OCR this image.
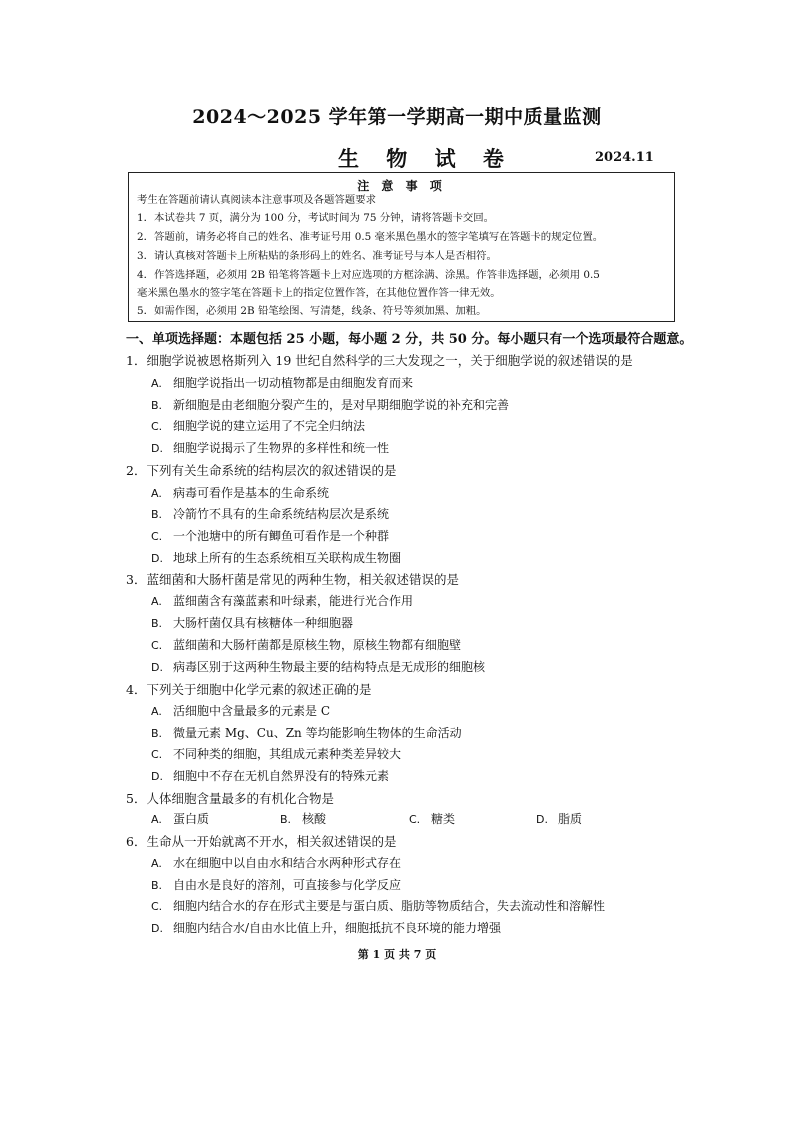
2024～2025 学年第一学期高一期中质量监测
生 物 试 卷	2024.11
注 意 事 项
考生在答题前请认真阅读本注意事项及各题答题要求
1．本试卷共 7 页，满分为 100 分，考试时间为 75 分钟，请将答题卡交回。
2．答题前，请务必将自己的姓名、准考证号用 0.5 毫米黑色墨水的签字笔填写在答题卡的规定位置。
3．请认真核对答题卡上所粘贴的条形码上的姓名、准考证号与本人是否相符。
4．作答选择题，必须用 2B 铅笔将答题卡上对应选项的方框涂满、涂黑。作答非选择题，必须用 0.5
毫米黑色墨水的签字笔在答题卡上的指定位置作答，在其他位置作答一律无效。
5．如需作图，必须用 2B 铅笔绘图、写清楚，线条、符号等须加黑、加粗。
一、单项选择题：本题包括 25 小题，每小题 2 分，共 50 分。每小题只有一个选项最符合题意。
1．细胞学说被恩格斯列入 19 世纪自然科学的三大发现之一，关于细胞学说的叙述错误的是
A. 细胞学说指出一切动植物都是由细胞发育而来
B. 新细胞是由老细胞分裂产生的，是对早期细胞学说的补充和完善
C. 细胞学说的建立运用了不完全归纳法
D. 细胞学说揭示了生物界的多样性和统一性
2．下列有关生命系统的结构层次的叙述错误的是
A. 病毒可看作是基本的生命系统
B. 冷箭竹不具有的生命系统结构层次是系统
C. 一个池塘中的所有鲫鱼可看作是一个种群
D. 地球上所有的生态系统相互关联构成生物圈
3．蓝细菌和大肠杆菌是常见的两种生物，相关叙述错误的是
A. 蓝细菌含有藻蓝素和叶绿素，能进行光合作用
B. 大肠杆菌仅具有核糖体一种细胞器
C. 蓝细菌和大肠杆菌都是原核生物，原核生物都有细胞壁
D. 病毒区别于这两种生物最主要的结构特点是无成形的细胞核
4．下列关于细胞中化学元素的叙述正确的是
A. 活细胞中含量最多的元素是 C
B. 微量元素 Mg、Cu、Zn 等均能影响生物体的生命活动
C. 不同种类的细胞，其组成元素种类差异较大
D. 细胞中不存在无机自然界没有的特殊元素
5．人体细胞含量最多的有机化合物是
A. 蛋白质	B. 核酸	C. 糖类	D. 脂质
6．生命从一开始就离不开水，相关叙述错误的是
A. 水在细胞中以自由水和结合水两种形式存在
B. 自由水是良好的溶剂，可直接参与化学反应
C. 细胞内结合水的存在形式主要是与蛋白质、脂肪等物质结合，失去流动性和溶解性
D. 细胞内结合水/自由水比值上升，细胞抵抗不良环境的能力增强
第 1 页 共 7 页
